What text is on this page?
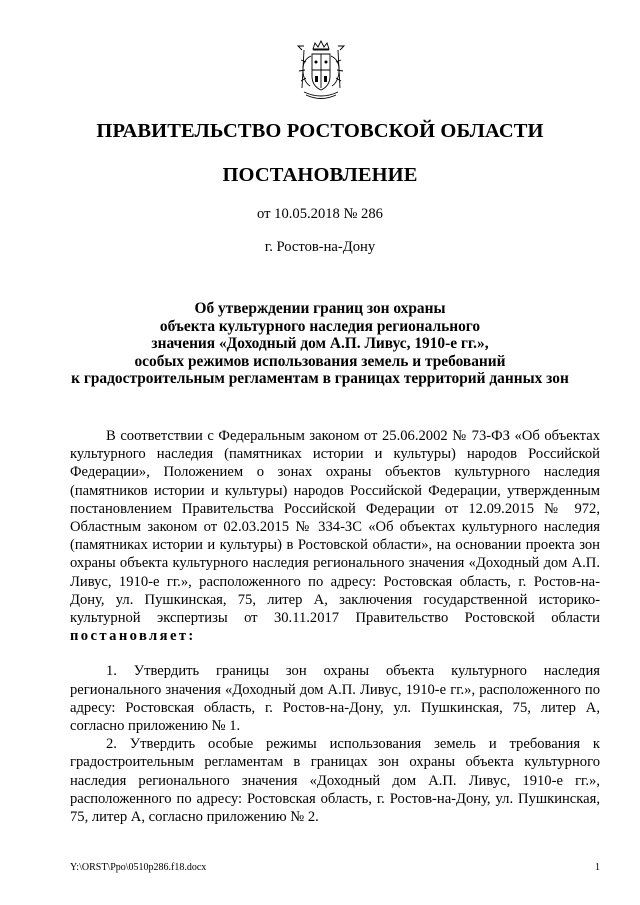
ПРАВИТЕЛЬСТВО РОСТОВСКОЙ ОБЛАСТИ
ПОСТАНОВЛЕНИЕ
от 10.05.2018 № 286
г. Ростов-на-Дону
Об утверждении границ зон охраны
объекта культурного наследия регионального
значения «Доходный дом А.П. Ливус, 1910-е гг.»,
особых режимов использования земель и требований
к градостроительным регламентам в границах территорий данных зон

В соответствии с Федеральным законом от 25.06.2002 № 73-ФЗ «Об объектах культурного наследия (памятниках истории и культуры) народов Российской Федерации», Положением о зонах охраны объектов культурного наследия (памятников истории и культуры) народов Российской Федерации, утвержденным постановлением Правительства Российской Федерации от 12.09.2015 № 972, Областным законом от 02.03.2015 № 334-ЗС «Об объектах культурного наследия (памятниках истории и культуры) в Ростовской области», на основании проекта зон охраны объекта культурного наследия регионального значения «Доходный дом А.П. Ливус, 1910-е гг.», расположенного по адресу: Ростовская область, г. Ростов-на-Дону, ул. Пушкинская, 75, литер А, заключения государственной историко-культурной экспертизы от 30.11.2017 Правительство Ростовской области постановляет:

1. Утвердить границы зон охраны объекта культурного наследия регионального значения «Доходный дом А.П. Ливус, 1910-е гг.», расположенного по адресу: Ростовская область, г. Ростов-на-Дону, ул. Пушкинская, 75, литер А, согласно приложению № 1.

2. Утвердить особые режимы использования земель и требования к градостроительным регламентам в границах зон охраны объекта культурного наследия регионального значения «Доходный дом А.П. Ливус, 1910-е гг.», расположенного по адресу: Ростовская область, г. Ростов-на-Дону, ул. Пушкинская, 75, литер А, согласно приложению № 2.

Y:\ORST\Ppo\0510p286.f18.docx	1
